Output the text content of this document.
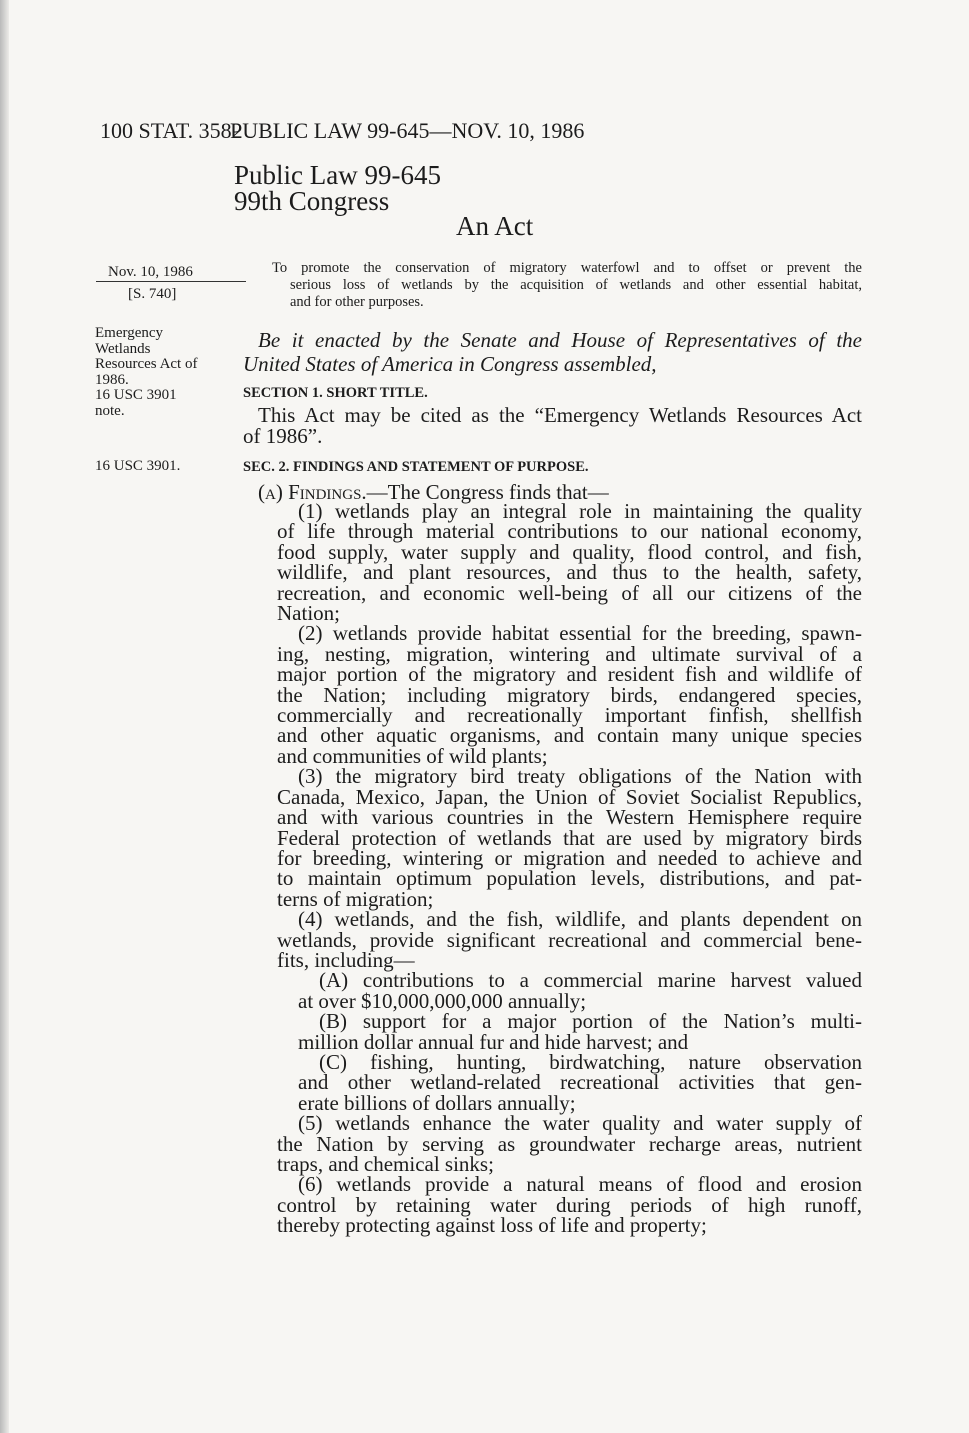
100 STAT. 3582
PUBLIC LAW 99-645—NOV. 10, 1986
Public Law 99-645
99th Congress
An Act
Nov. 10, 1986
[S. 740]
To promote the conservation of migratory waterfowl and to offset or prevent the
serious loss of wetlands by the acquisition of wetlands and other essential habitat,
and for other purposes.
Emergency
Wetlands
Resources Act of
1986.
16 USC 3901
note.
16 USC 3901.
Be it enacted by the Senate and House of Representatives of the
United States of America in Congress assembled,
SECTION 1. SHORT TITLE.
This Act may be cited as the “Emergency Wetlands Resources Act
of 1986”.
SEC. 2. FINDINGS AND STATEMENT OF PURPOSE.
(a) Findings.—The Congress finds that—
(1) wetlands play an integral role in maintaining the quality
of life through material contributions to our national economy,
food supply, water supply and quality, flood control, and fish,
wildlife, and plant resources, and thus to the health, safety,
recreation, and economic well-being of all our citizens of the
Nation;
(2) wetlands provide habitat essential for the breeding, spawn-
ing, nesting, migration, wintering and ultimate survival of a
major portion of the migratory and resident fish and wildlife of
the Nation; including migratory birds, endangered species,
commercially and recreationally important finfish, shellfish
and other aquatic organisms, and contain many unique species
and communities of wild plants;
(3) the migratory bird treaty obligations of the Nation with
Canada, Mexico, Japan, the Union of Soviet Socialist Republics,
and with various countries in the Western Hemisphere require
Federal protection of wetlands that are used by migratory birds
for breeding, wintering or migration and needed to achieve and
to maintain optimum population levels, distributions, and pat-
terns of migration;
(4) wetlands, and the fish, wildlife, and plants dependent on
wetlands, provide significant recreational and commercial bene-
fits, including—
(A) contributions to a commercial marine harvest valued
at over $10,000,000,000 annually;
(B) support for a major portion of the Nation’s multi-
million dollar annual fur and hide harvest; and
(C) fishing, hunting, birdwatching, nature observation
and other wetland-related recreational activities that gen-
erate billions of dollars annually;
(5) wetlands enhance the water quality and water supply of
the Nation by serving as groundwater recharge areas, nutrient
traps, and chemical sinks;
(6) wetlands provide a natural means of flood and erosion
control by retaining water during periods of high runoff,
thereby protecting against loss of life and property;
